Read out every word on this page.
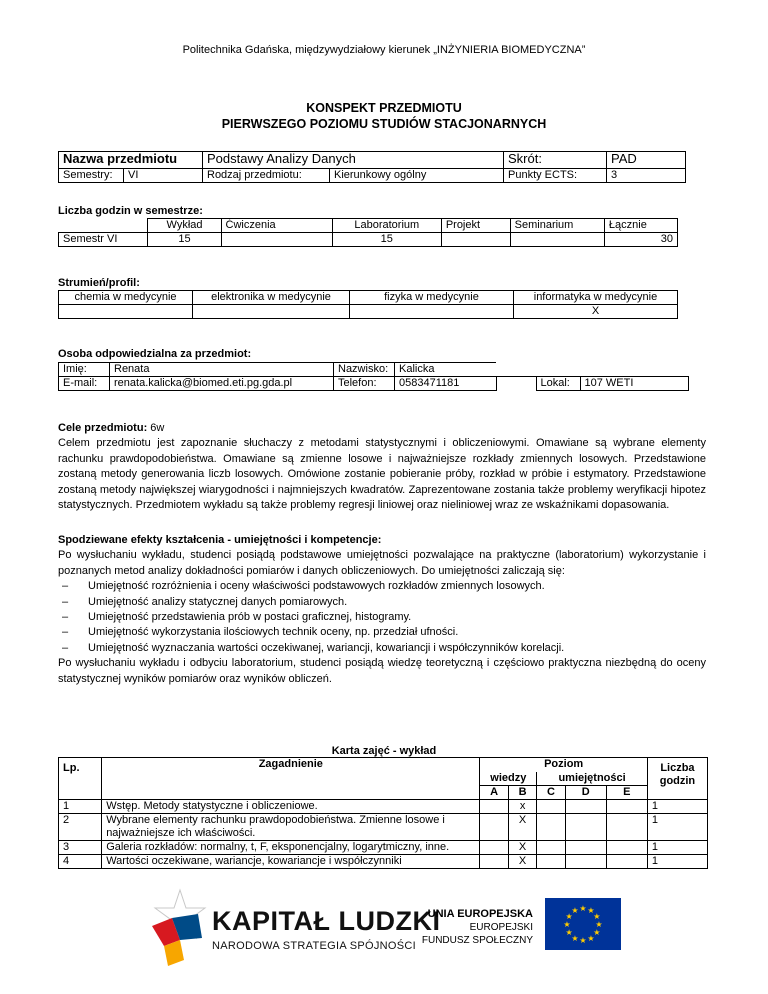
Politechnika Gdańska, międzywydziałowy kierunek „INŻYNIERIA BIOMEDYCZNA”
KONSPEKT PRZEDMIOTU
PIERWSZEGO POZIOMU STUDIÓW STACJONARNYCH
Nazwa przedmiotu		Podstawy Analizy Danych		Skrót:	PAD
Semestry:	VI	Rodzaj przedmiotu:	Kierunkowy ogólny	Punkty ECTS:	3
Liczba godzin w semestrze:
	Wykład	Ćwiczenia	Laboratorium	Projekt	Seminarium	Łącznie
Semestr VI	15		15			30
Strumień/profil:
chemia w medycynie	elektronika w medycynie	fizyka w medycynie	informatyka w medycynie
			X
Osoba odpowiedzialna za przedmiot:
Imię:	Renata	Nazwisko:	Kalicka			
E-mail:	renata.kalicka@biomed.eti.pg.gda.pl	Telefon:	0583471181		Lokal:	107 WETI
Cele przedmiotu: 6w
Celem przedmiotu jest zapoznanie słuchaczy z metodami statystycznymi i obliczeniowymi. Omawiane są wybrane elementy rachunku prawdopodobieństwa. Omawiane są zmienne losowe i najważniejsze rozkłady zmiennych losowych. Przedstawione zostaną metody generowania liczb losowych. Omówione zostanie pobieranie próby, rozkład w próbie i estymatory. Przedstawione zostaną metody największej wiarygodności i najmniejszych kwadratów. Zaprezentowane zostania także problemy weryfikacji hipotez statystycznych. Przedmiotem wykładu są także problemy regresji liniowej oraz nieliniowej wraz ze wskaźnikami dopasowania.
Spodziewane efekty kształcenia - umiejętności i kompetencje:
Po wysłuchaniu wykładu, studenci posiądą podstawowe umiejętności pozwalające na praktyczne (laboratorium) wykorzystanie i poznanych metod analizy dokładności pomiarów i danych obliczeniowych. Do umiejętności zaliczają się:
– Umiejętność rozróżnienia i oceny właściwości podstawowych rozkładów zmiennych losowych.
– Umiejętność analizy statycznej danych pomiarowych.
– Umiejętność przedstawienia prób w postaci graficznej, histogramy.
– Umiejętność wykorzystania ilościowych technik oceny, np. przedział ufności.
– Umiejętność wyznaczania wartości oczekiwanej, wariancji, kowariancji i współczynników korelacji.
Po wysłuchaniu wykładu i odbyciu laboratorium, studenci posiądą wiedzę teoretyczną i częściowo praktyczna niezbędną do oceny statystycznej wyników pomiarów oraz wyników obliczeń.
Karta zajęć - wykład
Lp.	Zagadnienie	Poziom					Liczba godzin
		wiedzy		umiejętności			
		A	B	C	D	E	
1	Wstęp. Metody statystyczne i obliczeniowe.		x				1
2	Wybrane elementy rachunku prawdopodobieństwa. Zmienne losowe i najważniejsze ich właściwości.		X				1
3	Galeria rozkładów: normalny, t, F, eksponencjalny, logarytmiczny, inne.		X				1
4	Wartości oczekiwane, wariancje, kowariancje i współczynniki		X				1
KAPITAŁ LUDZKI
NARODOWA STRATEGIA SPÓJNOŚCI
UNIA EUROPEJSKA
EUROPEJSKI
FUNDUSZ SPOŁECZNY
★ ★
★
★
★
★
★
★
★
★
★
★
